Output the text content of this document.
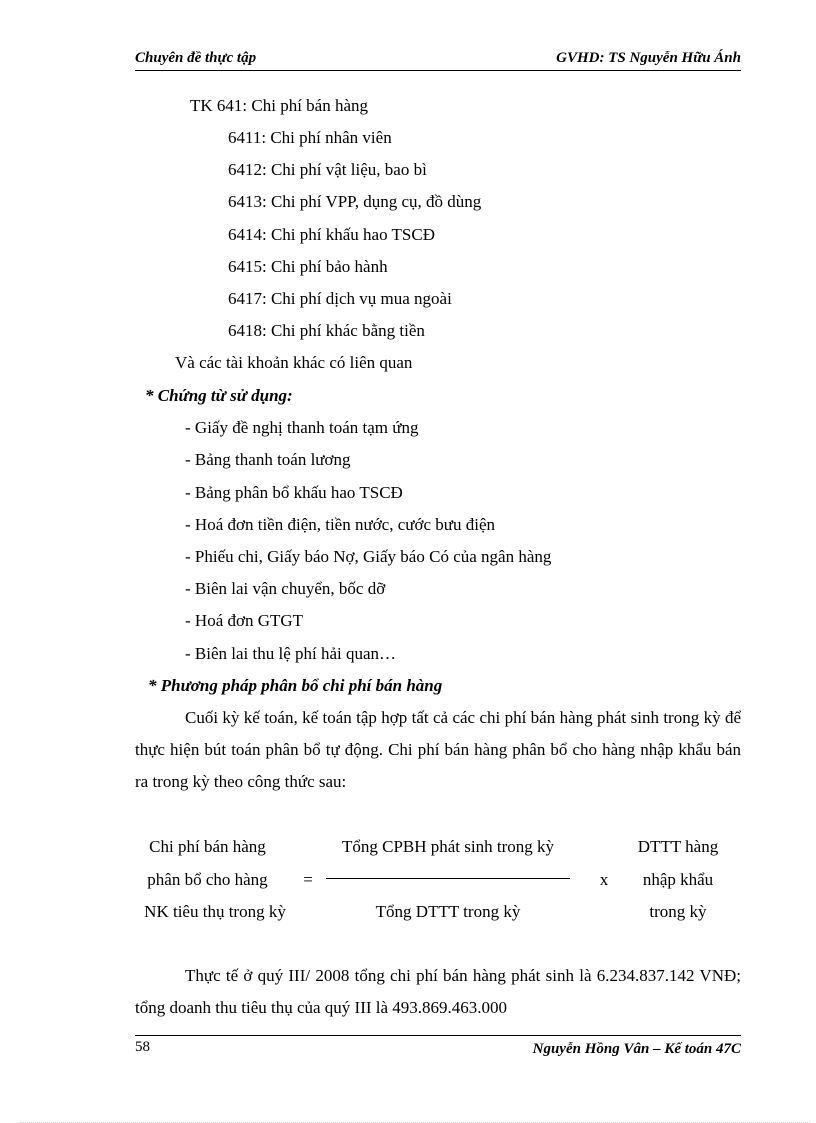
Chuyên đề thực tập	GVHD: TS Nguyễn Hữu Ánh
TK 641: Chi phí bán hàng
6411: Chi phí nhân viên
6412: Chi phí vật liệu, bao bì
6413: Chi phí VPP, dụng cụ, đồ dùng
6414: Chi phí khấu hao TSCĐ
6415: Chi phí bảo hành
6417: Chi phí dịch vụ mua ngoài
6418: Chi phí khác bằng tiền
Và các tài khoản khác có liên quan
* Chứng từ sử dụng:
- Giấy đề nghị thanh toán tạm ứng
- Bảng thanh toán lương
- Bảng phân bổ khấu hao TSCĐ
- Hoá đơn tiền điện, tiền nước, cước bưu điện
- Phiếu chi, Giấy báo Nợ, Giấy báo Có của ngân hàng
- Biên lai vận chuyển, bốc dỡ
- Hoá đơn GTGT
- Biên lai thu lệ phí hải quan…
* Phương pháp phân bổ chi phí bán hàng
Cuối kỳ kế toán, kế toán tập hợp tất cả các chi phí bán hàng phát sinh trong kỳ để thực hiện bút toán phân bổ tự động. Chi phí bán hàng phân bổ cho hàng nhập khẩu bán ra trong kỳ theo công thức sau:
Chi phí bán hàng
phân bổ cho hàng
NK tiêu thụ trong kỳ
=
Tổng CPBH phát sinh trong kỳ
Tổng DTTT trong kỳ
x
DTTT hàng
nhập khẩu
trong kỳ
Thực tế ở quý III/ 2008 tổng chi phí bán hàng phát sinh là 6.234.837.142 VNĐ; tổng doanh thu tiêu thụ của quý III là 493.869.463.000
58	Nguyễn Hồng Vân – Kế toán 47C
